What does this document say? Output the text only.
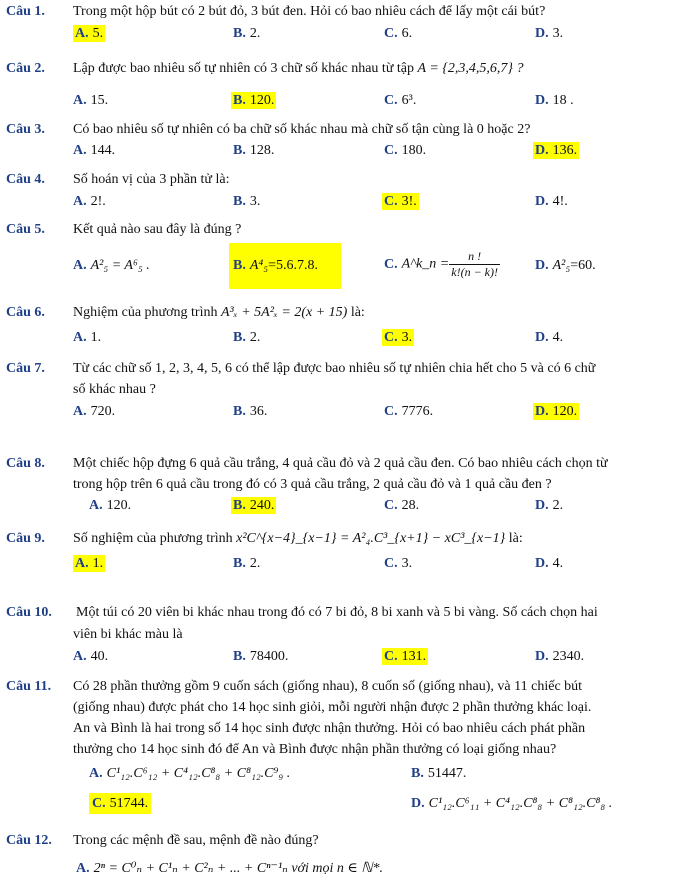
Câu 1. Trong một hộp bút có 2 bút đỏ, 3 bút đen. Hỏi có bao nhiêu cách để lấy một cái bút?
A. 5.	B. 2.	C. 6.	D. 3.
Câu 2. Lập được bao nhiêu số tự nhiên có 3 chữ số khác nhau từ tập A = {2,3,4,5,6,7} ?
A. 15.	B. 120.	C. 6³.	D. 18 .
Câu 3. Có bao nhiêu số tự nhiên có ba chữ số khác nhau mà chữ số tận cùng là 0 hoặc 2?
A. 144.	B. 128.	C. 180.	D. 136.
Câu 4. Số hoán vị của 3 phần tử là:
A. 2!.	B. 3.	C. 3!.	D. 4!.
Câu 5. Kết quả nào sau đây là đúng ?
A. A²₅ = A⁶₅ .	B. A⁴₅=5.6.7.8.	C. A^k_n = $\frac{n !}{k!(n - k)!}$	D. A²₅=60.
Câu 6. Nghiệm của phương trình A³ₓ + 5A²ₓ = 2(x + 15) là:
A. 1.	B. 2.	C. 3.	D. 4.
Câu 7. Từ các chữ số 1, 2, 3, 4, 5, 6 có thể lập được bao nhiêu số tự nhiên chia hết cho 5 và có 6 chữ
số khác nhau ?
A. 720.	B. 36.	C. 7776.	D. 120.
Câu 8. Một chiếc hộp đựng 6 quả cầu trắng, 4 quả cầu đỏ và 2 quả cầu đen. Có bao nhiêu cách chọn từ
trong hộp trên 6 quả cầu trong đó có 3 quả cầu trắng, 2 quả cầu đỏ và 1 quả cầu đen ?
A. 120.	B. 240.	C. 28.	D. 2.
Câu 9. Số nghiệm của phương trình x²C^{x−4}_{x−1} = A²₄.C³_{x+1} − xC³_{x−1} là:
A. 1.	B. 2.	C. 3.	D. 4.
Câu 10. Một túi có 20 viên bi khác nhau trong đó có 7 bi đỏ, 8 bi xanh và 5 bi vàng. Số cách chọn hai
viên bi khác màu là
A. 40.	B. 78400.	C. 131.	D. 2340.
Câu 11. Có 28 phần thưởng gồm 9 cuốn sách (giống nhau), 8 cuốn số (giống nhau), và 11 chiếc bút
(giống nhau) được phát cho 14 học sinh giỏi, mỗi người nhận được 2 phần thưởng khác loại.
An và Bình là hai trong số 14 học sinh được nhận thưởng. Hỏi có bao nhiêu cách phát phần
thưởng cho 14 học sinh đó để An và Bình được nhận phần thưởng có loại giống nhau?
A. C¹₁₂.C⁶₁₂ + C⁴₁₂.C⁸₈ + C⁸₁₂.C⁹₉ .	B. 51447.
C. 51744.	D. C¹₁₂.C⁶₁₁ + C⁴₁₂.C⁸₈ + C⁸₁₂.C⁸₈ .
Câu 12. Trong các mệnh đề sau, mệnh đề nào đúng?
A. 2ⁿ = C⁰ₙ + C¹ₙ + C²ₙ + ... + Cⁿ⁻¹ₙ với mọi n ∈ ℕ*.
